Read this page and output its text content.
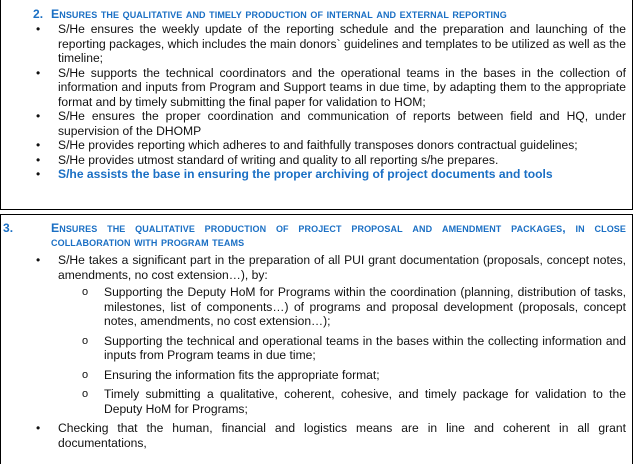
2. Ensures the qualitative and timely production of internal and external reporting
• S/He ensures the weekly update of the reporting schedule and the preparation and launching of the reporting packages, which includes the main donors` guidelines and templates to be utilized as well as the timeline;
• S/He supports the technical coordinators and the operational teams in the bases in the collection of information and inputs from Program and Support teams in due time, by adapting them to the appropriate format and by timely submitting the final paper for validation to HOM;
• S/He ensures the proper coordination and communication of reports between field and HQ, under supervision of the DHOMP
• S/He provides reporting which adheres to and faithfully transposes donors contractual guidelines;
• S/He provides utmost standard of writing and quality to all reporting s/he prepares.
• S/he assists the base in ensuring the proper archiving of project documents and tools
3.	Ensures the qualitative production of project proposal and amendment packages, in close collaboration with program teams
• S/He takes a significant part in the preparation of all PUI grant documentation (proposals, concept notes, amendments, no cost extension…), by:
o Supporting the Deputy HoM for Programs within the coordination (planning, distribution of tasks, milestones, list of components…) of programs and proposal development (proposals, concept notes, amendments, no cost extension…);
o Supporting the technical and operational teams in the bases within the collecting information and inputs from Program teams in due time;
o Ensuring the information fits the appropriate format;
o Timely submitting a qualitative, coherent, cohesive, and timely package for validation to the Deputy HoM for Programs;
• Checking that the human, financial and logistics means are in line and coherent in all grant documentations,
